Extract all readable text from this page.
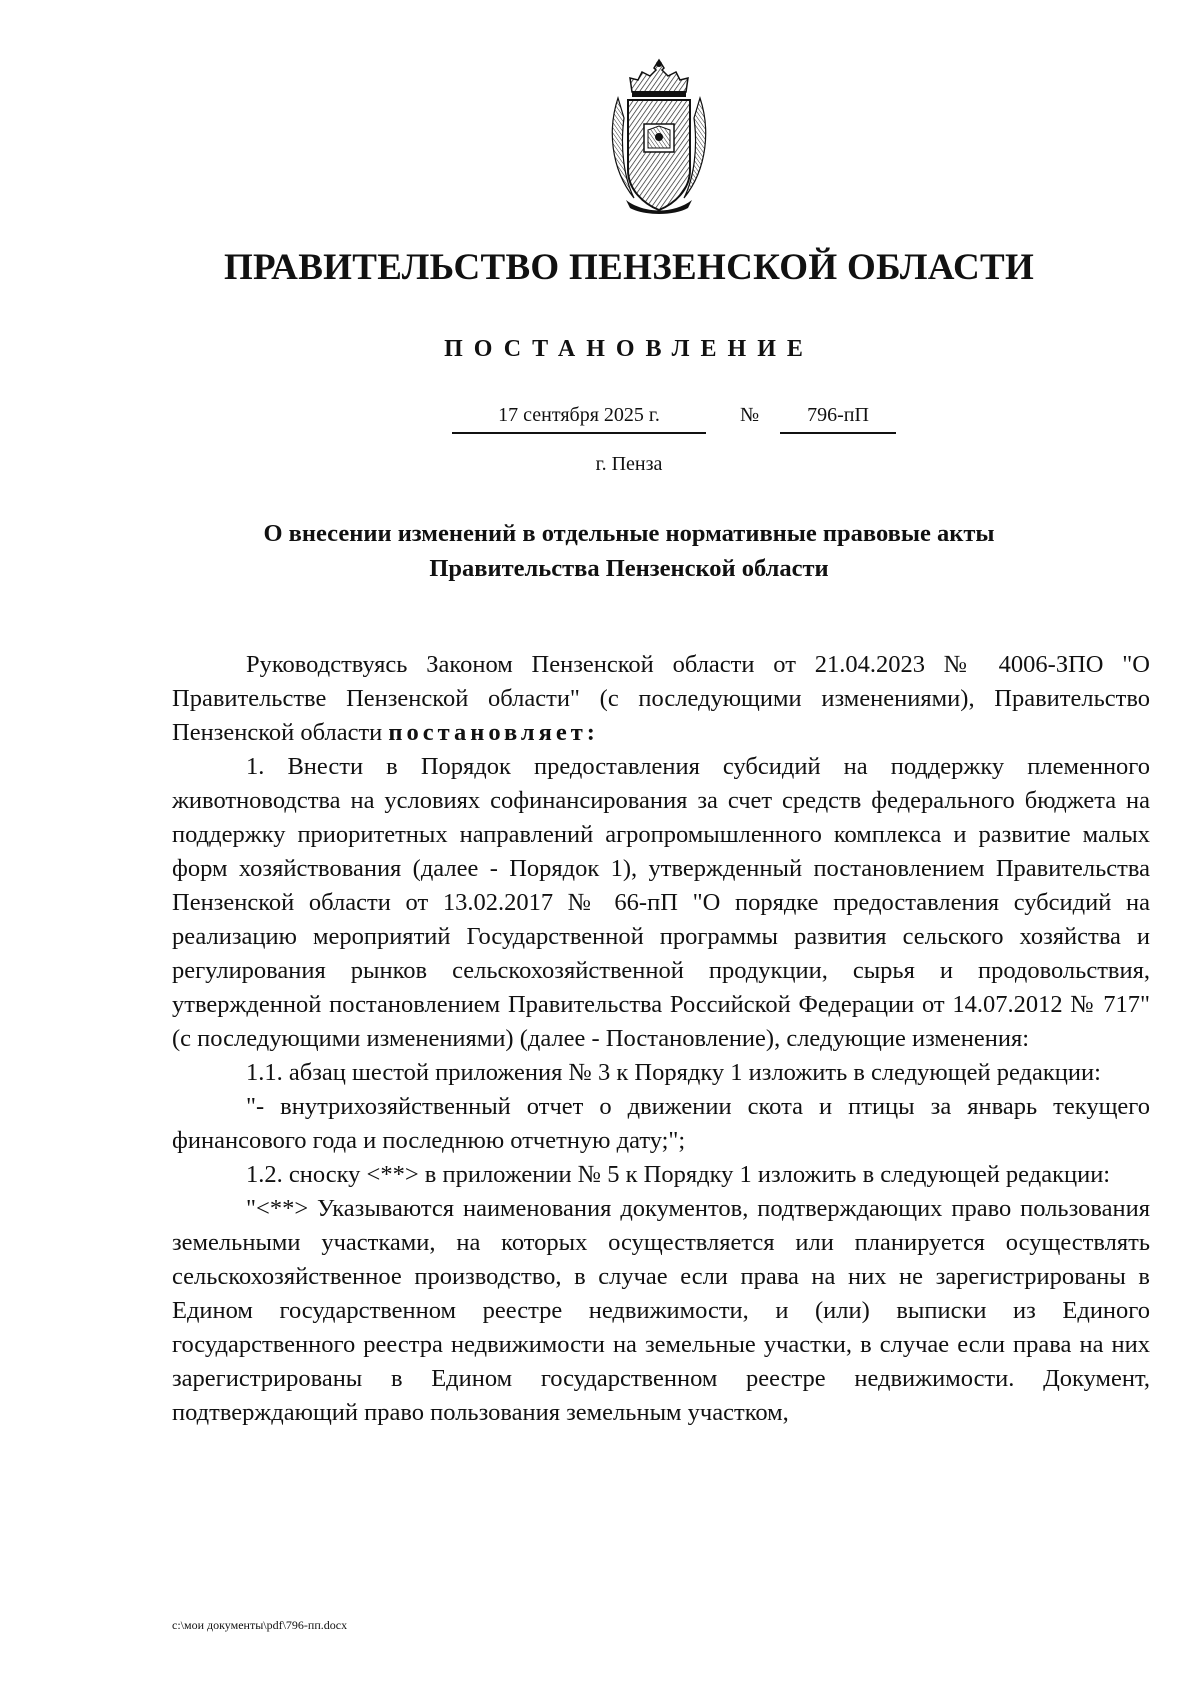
ПРАВИТЕЛЬСТВО ПЕНЗЕНСКОЙ ОБЛАСТИ
ПОСТАНОВЛЕНИЕ
17 сентября 2025 г.	№	796-пП
г. Пенза
О внесении изменений в отдельные нормативные правовые акты
Правительства Пензенской области

Руководствуясь Законом Пензенской области от 21.04.2023 № 4006-ЗПО "О Правительстве Пензенской области" (с последующими изменениями), Правительство Пензенской области постановляет:

1. Внести в Порядок предоставления субсидий на поддержку племенного животноводства на условиях софинансирования за счет средств федерального бюджета на поддержку приоритетных направлений агропромышленного комплекса и развитие малых форм хозяйствования (далее - Порядок 1), утвержденный постановлением Правительства Пензенской области от 13.02.2017 № 66-пП "О порядке предоставления субсидий на реализацию мероприятий Государственной программы развития сельского хозяйства и регулирования рынков сельскохозяйственной продукции, сырья и продовольствия, утвержденной постановлением Правительства Российской Федерации от 14.07.2012 № 717" (с последующими изменениями) (далее - Постановление), следующие изменения:

1.1. абзац шестой приложения № 3 к Порядку 1 изложить в следующей редакции:

"- внутрихозяйственный отчет о движении скота и птицы за январь текущего финансового года и последнюю отчетную дату;";

1.2. сноску <**> в приложении № 5 к Порядку 1 изложить в следующей редакции:

"<**> Указываются наименования документов, подтверждающих право пользования земельными участками, на которых осуществляется или планируется осуществлять сельскохозяйственное производство, в случае если права на них не зарегистрированы в Едином государственном реестре недвижимости, и (или) выписки из Единого государственного реестра недвижимости на земельные участки, в случае если права на них зарегистрированы в Едином государственном реестре недвижимости. Документ, подтверждающий право пользования земельным участком,

c:\мои документы\pdf\796-пп.docx
